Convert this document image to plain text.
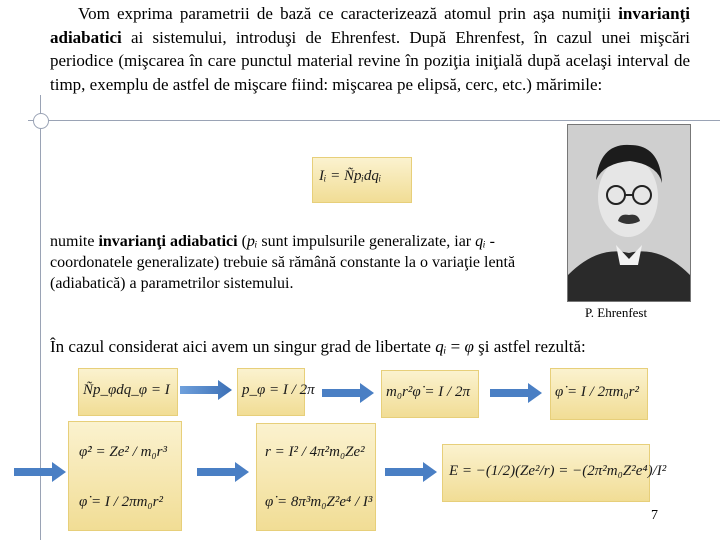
Vom exprima parametrii de bază ce caracterizează atomul prin aşa numiţii invarianţi adiabatici ai sistemului, introduşi de Ehrenfest. După Ehrenfest, în cazul unei mişcări periodice (mişcarea în care punctul material revine în poziţia iniţială după acelaşi interval de timp, exemplu de astfel de mişcare fiind: mişcarea pe elipsă, cerc, etc.) mărimile:
Iᵢ = Ñpᵢdqᵢ
numite invarianţi adiabatici (pᵢ sunt impulsurile generalizate, iar qᵢ - coordonatele generalizate) trebuie să rămână constante la o variaţie lentă (adiabatică) a parametrilor sistemului.
P. Ehrenfest
În cazul considerat aici avem un singur grad de libertate qᵢ = φ şi astfel rezultă:
Ñp_φdq_φ = I	p_φ = I / 2π	m₀r²φ̇ = I / 2π	φ̇ = I / 2πm₀r²
φ̇² = Ze² / m₀r³
φ̇ = I / 2πm₀r²
r = I² / 4π²m₀Ze²
φ̇ = 8π³m₀Z²e⁴ / I³
E = −(1/2)(Ze²/r) = −(2π²m₀Z²e⁴)/I²
7
